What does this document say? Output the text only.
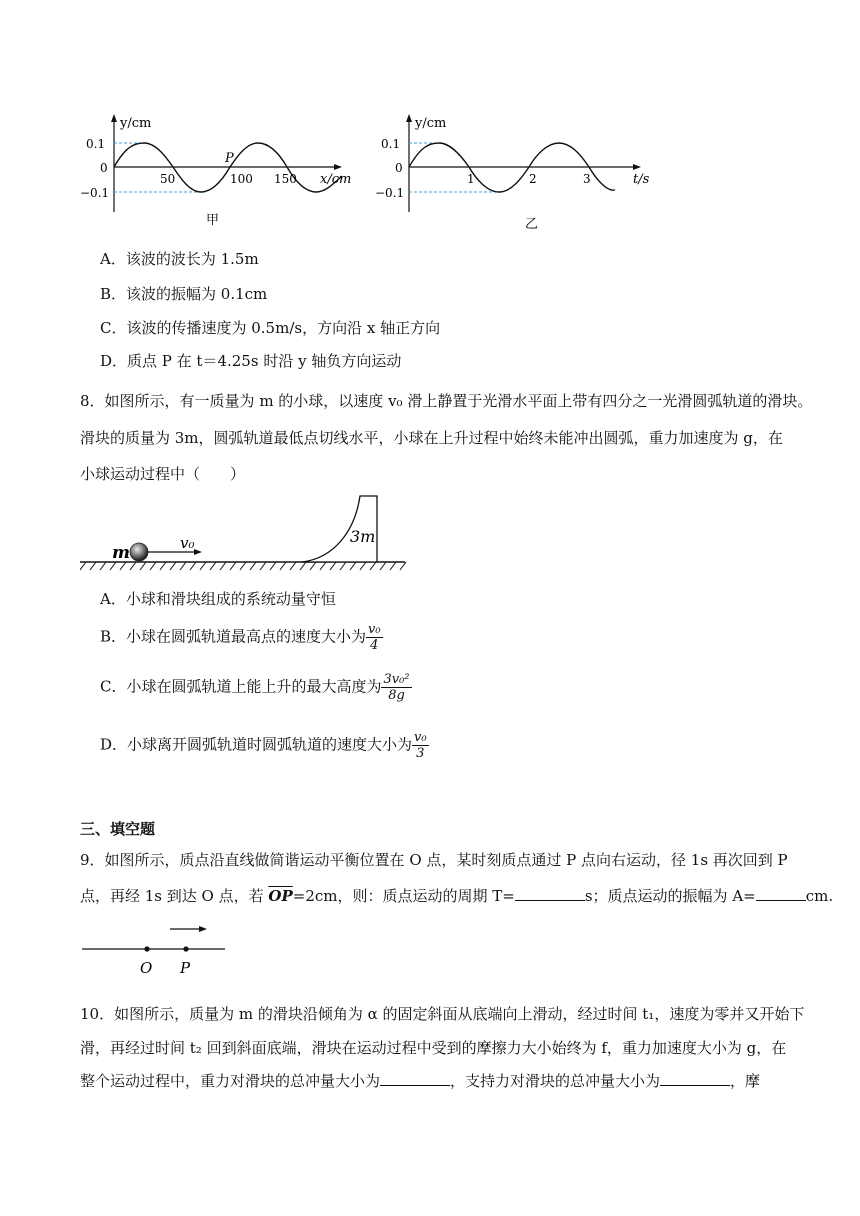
y/cm
0.1
0
−0.1
50	100 150
P
x/cm
甲
y/cm
0.1
0
−0.1
1	2	3	t/s
乙
A．该波的波长为 1.5m
B．该波的振幅为 0.1cm
C．该波的传播速度为 0.5m/s，方向沿 x 轴正方向
D．质点 P 在 t＝4.25s 时沿 y 轴负方向运动
8．如图所示，有一质量为 m 的小球，以速度 v₀ 滑上静置于光滑水平面上带有四分之一光滑圆弧轨道的滑块。
滑块的质量为 3m，圆弧轨道最低点切线水平，小球在上升过程中始终未能冲出圆弧，重力加速度为 g，在
小球运动过程中（　　）
m	v₀	3m
A．小球和滑块组成的系统动量守恒
B．小球在圆弧轨道最高点的速度大小为 $\frac{\text{v₀}}{4}$
C．小球在圆弧轨道上能上升的最大高度为 $\frac{\text{3v₀²}}{8g}$
D．小球离开圆弧轨道时圆弧轨道的速度大小为 $\frac{\text{v₀}}{3}$
三、填空题
9．如图所示，质点沿直线做简谐运动平衡位置在 O 点，某时刻质点通过 P 点向右运动，径 1s 再次回到 P
点，再经 1s 到达 O 点，若 $\overline{OP}=2cm$，则：质点运动的周期 T=	s；质点运动的振幅为 A=	cm.
O P
10．如图所示，质量为 m 的滑块沿倾角为 α 的固定斜面从底端向上滑动，经过时间 t₁，速度为零并又开始下
滑，再经过时间 t₂ 回到斜面底端，滑块在运动过程中受到的摩擦力大小始终为 f，重力加速度大小为 g，在
整个运动过程中，重力对滑块的总冲量大小为	，支持力对滑块的总冲量大小为	，摩
